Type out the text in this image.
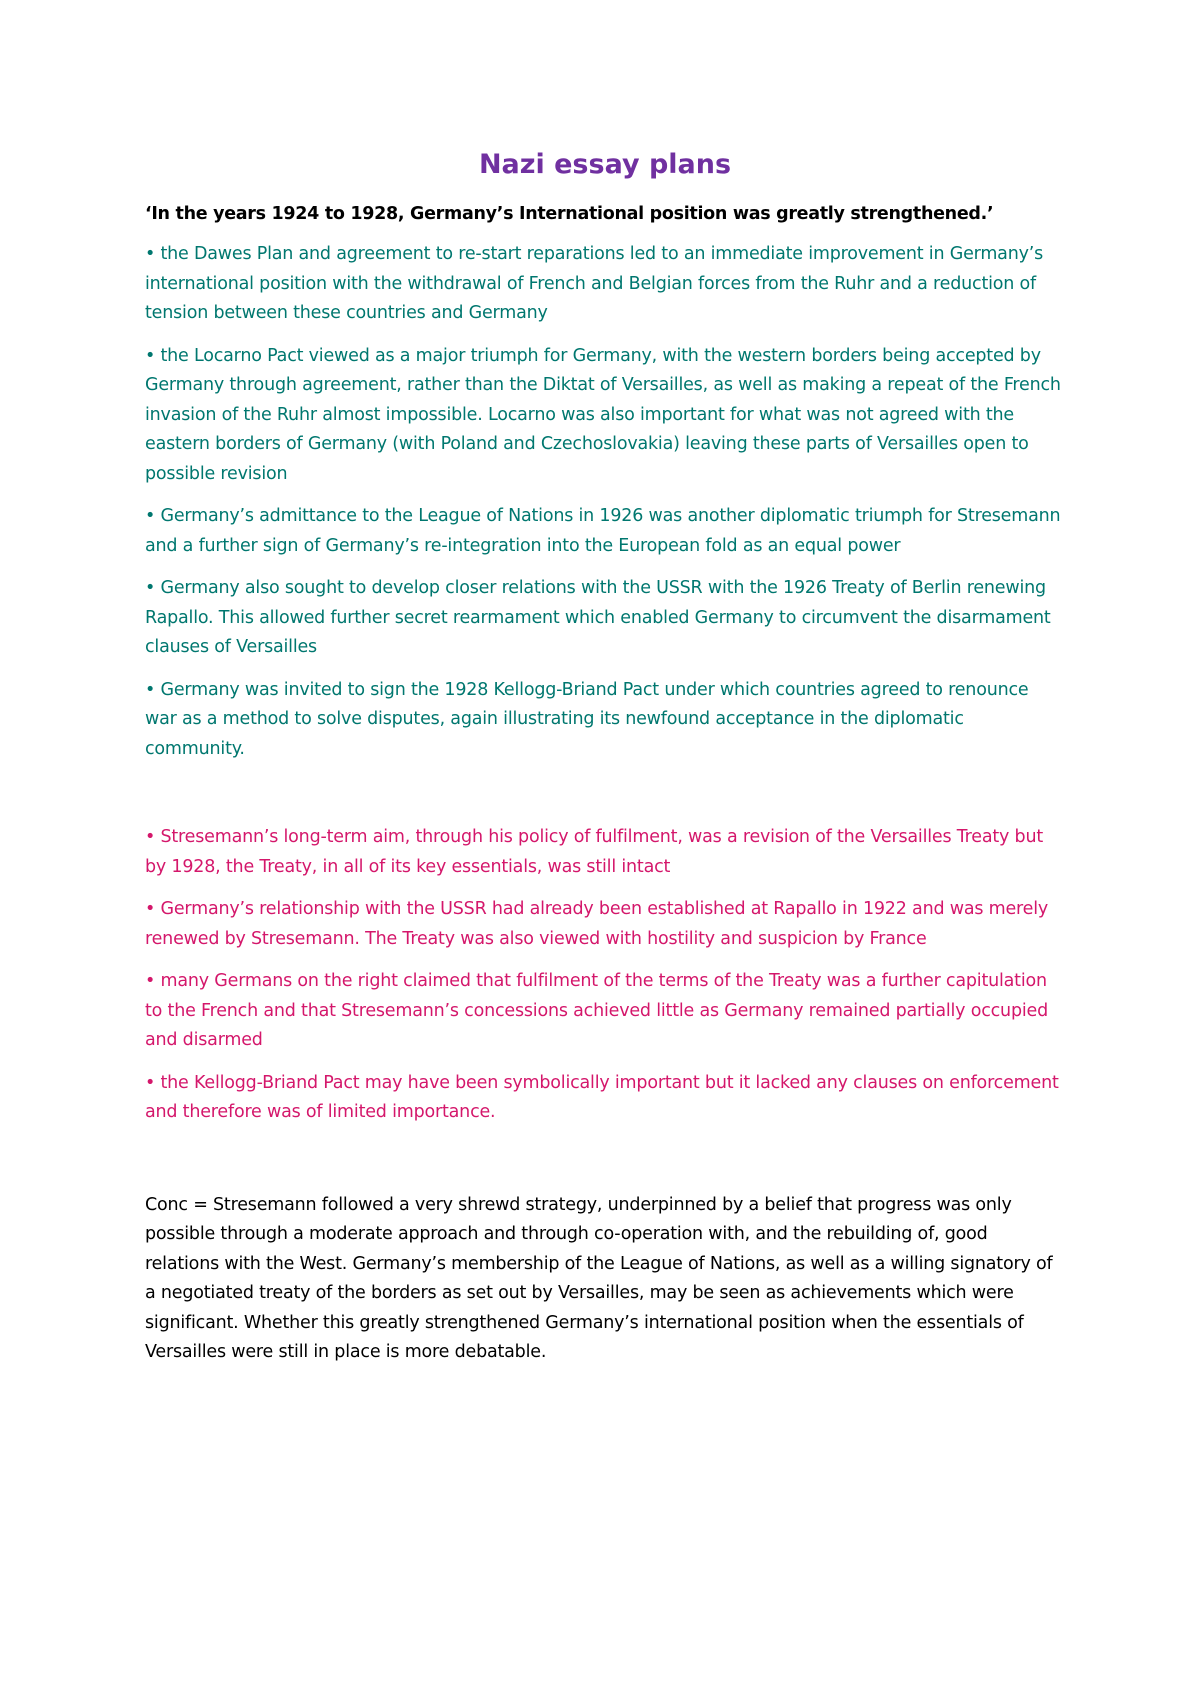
Nazi essay plans

‘In the years 1924 to 1928, Germany’s International position was greatly strengthened.’

• the Dawes Plan and agreement to re-start reparations led to an immediate improvement in Germany’s international position with the withdrawal of French and Belgian forces from the Ruhr and a reduction of tension between these countries and Germany

• the Locarno Pact viewed as a major triumph for Germany, with the western borders being accepted by Germany through agreement, rather than the Diktat of Versailles, as well as making a repeat of the French invasion of the Ruhr almost impossible. Locarno was also important for what was not agreed with the eastern borders of Germany (with Poland and Czechoslovakia) leaving these parts of Versailles open to possible revision

• Germany’s admittance to the League of Nations in 1926 was another diplomatic triumph for Stresemann and a further sign of Germany’s re-integration into the European fold as an equal power

• Germany also sought to develop closer relations with the USSR with the 1926 Treaty of Berlin renewing Rapallo. This allowed further secret rearmament which enabled Germany to circumvent the disarmament clauses of Versailles

• Germany was invited to sign the 1928 Kellogg-Briand Pact under which countries agreed to renounce war as a method to solve disputes, again illustrating its newfound acceptance in the diplomatic community.

• Stresemann’s long-term aim, through his policy of fulfilment, was a revision of the Versailles Treaty but by 1928, the Treaty, in all of its key essentials, was still intact

• Germany’s relationship with the USSR had already been established at Rapallo in 1922 and was merely renewed by Stresemann. The Treaty was also viewed with hostility and suspicion by France

• many Germans on the right claimed that fulfilment of the terms of the Treaty was a further capitulation to the French and that Stresemann’s concessions achieved little as Germany remained partially occupied and disarmed

• the Kellogg-Briand Pact may have been symbolically important but it lacked any clauses on enforcement and therefore was of limited importance.

Conc = Stresemann followed a very shrewd strategy, underpinned by a belief that progress was only possible through a moderate approach and through co-operation with, and the rebuilding of, good relations with the West. Germany’s membership of the League of Nations, as well as a willing signatory of a negotiated treaty of the borders as set out by Versailles, may be seen as achievements which were significant. Whether this greatly strengthened Germany’s international position when the essentials of Versailles were still in place is more debatable.
